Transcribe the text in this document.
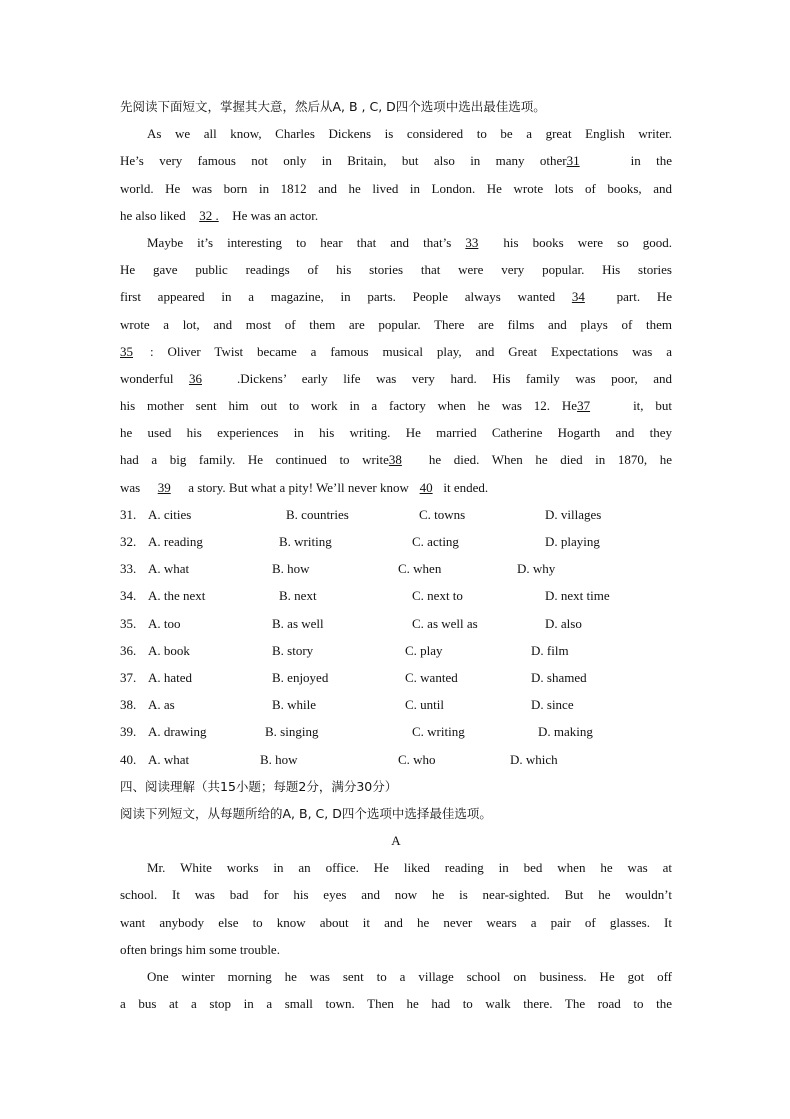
先阅读下面短文，掌握其大意，然后从A, B , C, D四个选项中选出最佳选项。
As we all know, Charles Dickens is considered to be a great English writer.
He’s very famous not only in Britain, but also in many other31	in the
world. He was born in 1812 and he lived in London. He wrote lots of books, and
he also liked 32 . He was an actor.
Maybe it’s interesting to hear that and that’s 33 his books were so good.
He gave public readings of his stories that were very popular. His stories
first appeared in a magazine, in parts. People always wanted 34 part. He
wrote a lot, and most of them are popular. There are films and plays of them
35 : Oliver Twist became a famous musical play, and Great Expectations was a
wonderful 36	.Dickens’ early life was very hard. His family was poor, and
his mother sent him out to work in a factory when he was 12. He37	it, but
he used his experiences in his writing. He married Catherine Hogarth and they
had a big family. He continued to write38 he died. When he died in 1870, he
was 39 a story. But what a pity! We’ll never know 40 it ended.
31. A. cities	B. countries	C. towns	D. villages
32. A. reading	B. writing	C. acting	D. playing
33. A. what	B. how	C. when	D. why
34. A. the next	B. next	C. next to	D. next time
35. A. too	B. as well	C. as well as	D. also
36. A. book	B. story	C. play	D. film
37. A. hated	B. enjoyed	C. wanted	D. shamed
38. A. as	B. while	C. until	D. since
39. A. drawing	B. singing	C. writing	D. making
40. A. what	B. how	C. who	D. which
四、阅读理解（共15小题；每题2分，满分30分）
阅读下列短文，从每题所给的A, B, C, D四个选项中选择最佳选项。
A
Mr. White works in an office. He liked reading in bed when he was at
school. It was bad for his eyes and now he is near-sighted. But he wouldn’t
want anybody else to know about it and he never wears a pair of glasses. It
often brings him some trouble.
One winter morning he was sent to a village school on business. He got off
a bus at a stop in a small town. Then he had to walk there. The road to the
